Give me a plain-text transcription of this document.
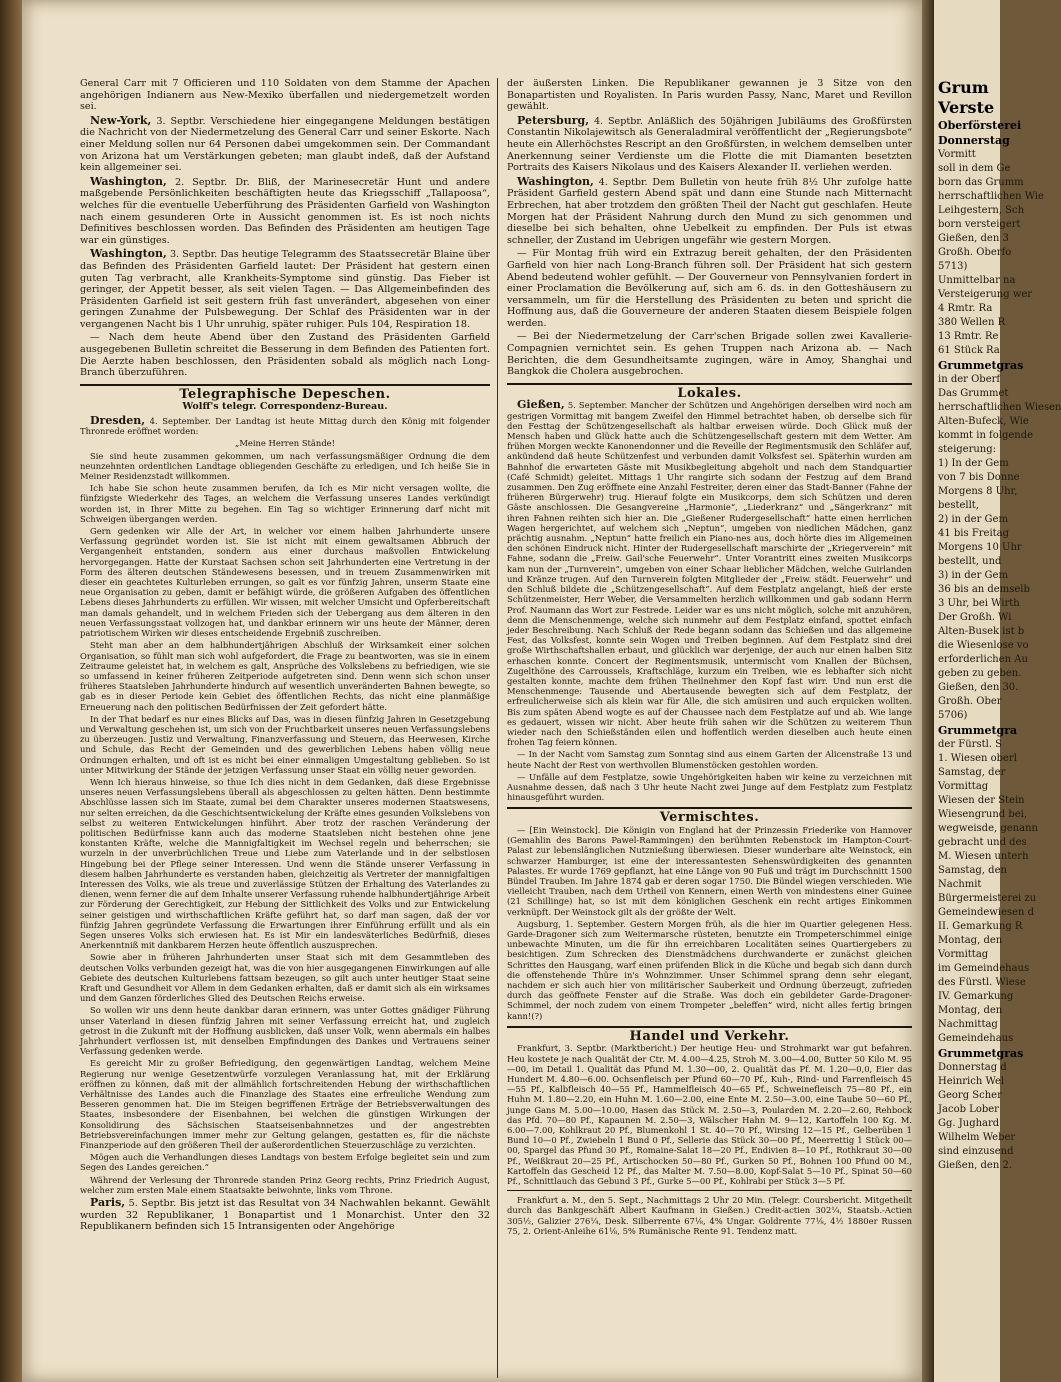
General Carr mit 7 Officieren und 110 Soldaten von dem Stamme der Apachen angehörigen Indianern aus New-Mexiko überfallen und niedergemetzelt worden sei.

New-York, 3. Septbr. Verschiedene hier eingegangene Meldungen bestätigen die Nachricht von der Niedermetzelung des General Carr und seiner Eskorte. Nach einer Meldung sollen nur 64 Personen dabei umgekommen sein. Der Commandant von Arizona hat um Verstärkungen gebeten; man glaubt indeß, daß der Aufstand kein allgemeiner sei.

Washington, 2. Septbr. Dr. Bliß, der Marinesecretär Hunt und andere maßgebende Persönlichkeiten beschäftigten heute das Kriegsschiff „Tallapoosa“, welches für die eventuelle Ueberführung des Präsidenten Garfield von Washington nach einem gesunderen Orte in Aussicht genommen ist. Es ist noch nichts Definitives beschlossen worden. Das Befinden des Präsidenten am heutigen Tage war ein günstiges.

Washington, 3. Septbr. Das heutige Telegramm des Staatssecretär Blaine über das Befinden des Präsidenten Garfield lautet: Der Präsident hat gestern einen guten Tag verbracht, alle Krankheits-Symptome sind günstig. Das Fieber ist geringer, der Appetit besser, als seit vielen Tagen. — Das Allgemeinbefinden des Präsidenten Garfield ist seit gestern früh fast unverändert, abgesehen von einer geringen Zunahme der Pulsbewegung. Der Schlaf des Präsidenten war in der vergangenen Nacht bis 1 Uhr unruhig, später ruhiger. Puls 104, Respiration 18.

— Nach dem heute Abend über den Zustand des Präsidenten Garfield ausgegebenen Bulletin schreitet die Besserung in dem Befinden des Patienten fort. Die Aerzte haben beschlossen, den Präsidenten sobald als möglich nach Long-Branch überzuführen.

Telegraphische Depeschen.
Wolff's telegr. Correspondenz-Bureau.

Dresden, 4. September. Der Landtag ist heute Mittag durch den König mit folgender Thronrede eröffnet worden:

„Meine Herren Stände!

Sie sind heute zusammen gekommen, um nach verfassungsmäßiger Ordnung die dem neunzehnten ordentlichen Landtage obliegenden Geschäfte zu erledigen, und Ich heiße Sie in Meiner Residenzstadt willkommen.

Ich habe Sie schon heute zusammen berufen, da Ich es Mir nicht versagen wollte, die fünfzigste Wiederkehr des Tages, an welchem die Verfassung unseres Landes verkündigt worden ist, in Ihrer Mitte zu begehen. Ein Tag so wichtiger Erinnerung darf nicht mit Schweigen übergangen werden.

Gern gedenken wir Alle der Art, in welcher vor einem halben Jahrhunderte unsere Verfassung gegründet worden ist. Sie ist nicht mit einem gewaltsamen Abbruch der Vergangenheit entstanden, sondern aus einer durchaus maßvollen Entwickelung hervorgegangen. Hatte der Kurstaat Sachsen schon seit Jahrhunderten eine Vertretung in der Form des älteren deutschen Ständewesens besessen, und in treuem Zusammenwirken mit dieser ein geachtetes Kulturleben errungen, so galt es vor fünfzig Jahren, unserm Staate eine neue Organisation zu geben, damit er befähigt würde, die größeren Aufgaben des öffentlichen Lebens dieses Jahrhunderts zu erfüllen. Wir wissen, mit welcher Umsicht und Opferbereitschaft man damals gehandelt, und in welchem Frieden sich der Uebergang aus dem älteren in den neuen Verfassungsstaat vollzogen hat, und dankbar erinnern wir uns heute der Männer, deren patriotischem Wirken wir dieses entscheidende Ergebniß zuschreiben.

Steht man aber an dem halbhundertjährigen Abschluß der Wirksamkeit einer solchen Organisation, so fühlt man sich wohl aufgefordert, die Frage zu beantworten, was sie in einem Zeitraume geleistet hat, in welchem es galt, Ansprüche des Volkslebens zu befriedigen, wie sie so umfassend in keiner früheren Zeitperiode aufgetreten sind. Denn wenn sich schon unser früheres Staatsleben Jahrhunderte hindurch auf wesentlich unveränderten Bahnen bewegte, so gab es in dieser Periode kein Gebiet des öffentlichen Rechts, das nicht eine planmäßige Erneuerung nach den politischen Bedürfnissen der Zeit gefordert hätte.

In der That bedarf es nur eines Blicks auf Das, was in diesen fünfzig Jahren in Gesetzgebung und Verwaltung geschehen ist, um sich von der Fruchtbarkeit unseres neuen Verfassungslebens zu überzeugen. Justiz und Verwaltung, Finanzverfassung und Steuern, das Heerwesen, Kirche und Schule, das Recht der Gemeinden und des gewerblichen Lebens haben völlig neue Ordnungen erhalten, und oft ist es nicht bei einer einmaligen Umgestaltung geblieben. So ist unter Mitwirkung der Stände der jetzigen Verfassung unser Staat ein völlig neuer geworden.

Wenn Ich hieraus hinweise, so thue Ich dies nicht in dem Gedanken, daß diese Ergebnisse unseres neuen Verfassungslebens überall als abgeschlossen zu gelten hätten. Denn bestimmte Abschlüsse lassen sich im Staate, zumal bei dem Charakter unseres modernen Staatswesens, nur selten erreichen, da die Geschichtsentwickelung der Kräfte eines gesunden Volkslebens von selbst zu weiteren Entwickelungen hinführt. Aber trotz der raschen Veränderung der politischen Bedürfnisse kann auch das moderne Staatsleben nicht bestehen ohne jene konstanten Kräfte, welche die Mannigfaltigkeit im Wechsel regeln und beherrschen; sie wurzeln in der unverbrüchlichen Treue und Liebe zum Vaterlande und in der selbstlosen Hingebung bei der Pflege seiner Interessen. Und wenn die Stände unserer Verfassung in diesem halben Jahrhunderte es verstanden haben, gleichzeitig als Vertreter der mannigfaltigen Interessen des Volks, wie als treue und zuverlässige Stützen der Erhaltung des Vaterlandes zu dienen, wenn ferner die auf dem Inhalte unserer Verfassung ruhende halbhundertjährige Arbeit zur Förderung der Gerechtigkeit, zur Hebung der Sittlichkeit des Volks und zur Entwickelung seiner geistigen und wirthschaftlichen Kräfte geführt hat, so darf man sagen, daß der vor fünfzig Jahren gegründete Verfassung die Erwartungen ihrer Einführung erfüllt und als ein Segen unseres Volks sich erwiesen hat. Es ist Mir ein landesväterliches Bedürfniß, dieses Anerkenntniß mit dankbarem Herzen heute öffentlich auszusprechen.

Sowie aber in früheren Jahrhunderten unser Staat sich mit dem Gesammtleben des deutschen Volks verbunden gezeigt hat, was die von hier ausgegangenen Einwirkungen auf alle Gebiete des deutschen Kulturlebens fattsam bezeugen, so gilt auch unter heutiger Staat seine Kraft und Gesundheit vor Allem in dem Gedanken erhalten, daß er damit sich als ein wirksames und dem Ganzen förderliches Glied des Deutschen Reichs erweise.

So wollen wir uns denn heute dankbar daran erinnern, was unter Gottes gnädiger Führung unser Vaterland in diesen fünfzig Jahren mit seiner Verfassung erreicht hat, und zugleich getrost in die Zukunft mit der Hoffnung ausblicken, daß unser Volk, wenn abermals ein halbes Jahrhundert verflossen ist, mit denselben Empfindungen des Dankes und Vertrauens seiner Verfassung gedenken werde.

Es gereicht Mir zu großer Befriedigung, den gegenwärtigen Landtag, welchem Meine Regierung nur wenige Gesetzentwürfe vorzulegen Veranlassung hat, mit der Erklärung eröffnen zu können, daß mit der allmählich fortschreitenden Hebung der wirthschaftlichen Verhältnisse des Landes auch die Finanzlage des Staates eine erfreuliche Wendung zum Besseren genommen hat. Die im Steigen begriffenen Erträge der Betriebsverwaltungen des Staates, insbesondere der Eisenbahnen, bei welchen die günstigen Wirkungen der Konsolidirung des Sächsischen Staatseisenbahnnetzes und der angestrebten Betriebsvereinfachungen immer mehr zur Geltung gelangen, gestatten es, für die nächste Finanzperiode auf den größeren Theil der außerordentlichen Steuerzuschläge zu verzichten.

Mögen auch die Verhandlungen dieses Landtags von bestem Erfolge begleitet sein und zum Segen des Landes gereichen.“

Während der Verlesung der Thronrede standen Prinz Georg rechts, Prinz Friedrich August, welcher zum ersten Male einem Staatsakte beiwohnte, links vom Throne.

Paris, 5. Septbr. Bis jetzt ist das Resultat von 34 Nachwahlen bekannt. Gewählt wurden 32 Republikaner, 1 Bonapartist und 1 Monarchist. Unter den 32 Republikanern befinden sich 15 Intransigenten oder Angehörige

der äußersten Linken. Die Republikaner gewannen je 3 Sitze von den Bonapartisten und Royalisten. In Paris wurden Passy, Nanc, Maret und Revillon gewählt.

Petersburg, 4. Septbr. Anläßlich des 50jährigen Jubiläums des Großfürsten Constantin Nikolajewitsch als Generaladmiral veröffentlicht der „Regierungsbote“ heute ein Allerhöchstes Rescript an den Großfürsten, in welchem demselben unter Anerkennung seiner Verdienste um die Flotte die mit Diamanten besetzten Portraits des Kaisers Nikolaus und des Kaisers Alexander II. verliehen werden.

Washington, 4. Septbr. Dem Bulletin von heute früh 8½ Uhr zufolge hatte Präsident Garfield gestern Abend spät und dann eine Stunde nach Mitternacht Erbrechen, hat aber trotzdem den größten Theil der Nacht gut geschlafen. Heute Morgen hat der Präsident Nahrung durch den Mund zu sich genommen und dieselbe bei sich behalten, ohne Uebelkeit zu empfinden. Der Puls ist etwas schneller, der Zustand im Uebrigen ungefähr wie gestern Morgen.

— Für Montag früh wird ein Extrazug bereit gehalten, der den Präsidenten Garfield von hier nach Long-Branch führen soll. Der Präsident hat sich gestern Abend bedeutend wohler gefühlt. — Der Gouverneur von Pennsylvanien fordert in einer Proclamation die Bevölkerung auf, sich am 6. ds. in den Gotteshäusern zu versammeln, um für die Herstellung des Präsidenten zu beten und spricht die Hoffnung aus, daß die Gouverneure der anderen Staaten diesem Beispiele folgen werden.

— Bei der Niedermetzelung der Carr'schen Brigade sollen zwei Kavallerie-Compagnien vernichtet sein. Es gehen Truppen nach Arizona ab. — Nach Berichten, die dem Gesundheitsamte zugingen, wäre in Amoy, Shanghai und Bangkok die Cholera ausgebrochen.

Lokales.

Gießen, 5. September. Mancher der Schützen und Angehörigen derselben wird noch am gestrigen Vormittag mit bangem Zweifel den Himmel betrachtet haben, ob derselbe sich für den Festtag der Schützengesellschaft als haltbar erweisen würde. Doch Glück muß der Mensch haben und Glück hatte auch die Schützengesellschaft gestern mit dem Wetter. Am frühen Morgen weckte Kanonendonner und die Reveille der Regimentsmusik den Schläfer auf, ankündend daß heute Schützenfest und verbunden damit Volksfest sei. Späterhin wurden am Bahnhof die erwarteten Gäste mit Musikbegleitung abgeholt und nach dem Standquartier (Café Schmidt) geleitet. Mittags 1 Uhr rangirte sich sodann der Festzug auf dem Brand zusammen. Den Zug eröffnete eine Anzahl Festreiter, deren einer das Stadt-Banner (Fahne der früheren Bürgerwehr) trug. Hierauf folgte ein Musikcorps, dem sich Schützen und deren Gäste anschlossen. Die Gesangvereine „Harmonie“, „Liederkranz“ und „Sängerkranz“ mit ihren Fahnen reihten sich hier an. Die „Gießener Rudergesellschaft“ hatte einen herrlichen Wagen hergerichtet, auf welchem sich „Neptun“, umgeben von niedlichen Mädchen, ganz prächtig ausnahm. „Neptun“ hatte freilich ein Piano-nes aus, doch hörte dies im Allgemeinen den schönen Eindruck nicht. Hinter der Rudergesellschaft marschirte der „Kriegerverein“ mit Fahne, sodann die „Freiw. Gail'sche Feuerwehr“. Unter Vorantritt eines zweiten Musikcorps kam nun der „Turnverein“, umgeben von einer Schaar lieblicher Mädchen, welche Guirlanden und Kränze trugen. Auf den Turnverein folgten Mitglieder der „Freiw. städt. Feuerwehr“ und den Schluß bildete die „Schützengesellschaft“. Auf dem Festplatz angelangt, hieß der erste Schützenmeister, Herr Weber, die Versammelten herzlich willkommen und gab sodann Herrn Prof. Naumann das Wort zur Festrede. Leider war es uns nicht möglich, solche mit anzuhören, denn die Menschenmenge, welche sich nunmehr auf dem Festplatz einfand, spottet einfach jeder Beschreibung. Nach Schluß der Rede begann sodann das Schießen und das allgemeine Fest, das Volksfest, konnte sein Wogen und Treiben beginnen. Auf dem Festplatz sind drei große Wirthschaftshallen erbaut, und glücklich war derjenige, der auch nur einen halben Sitz erhaschen konnte. Concert der Regimentsmusik, untermischt vom Knallen der Büchsen, Zugelthöne des Carroussels, Kraftschläge, kurzum ein Treiben, wie es lebhafter sich nicht gestalten konnte, machte dem frühen Theilnehmer den Kopf fast wirr. Und nun erst die Menschenmenge: Tausende und Abertausende bewegten sich auf dem Festplatz, der erfreulicherweise sich als klein war für Alle, die sich amüsiren und auch erquicken wollten. Bis zum späten Abend wogte es auf der Chaussee nach dem Festplatze auf und ab. Wie lange es gedauert, wissen wir nicht. Aber heute früh sahen wir die Schützen zu weiterem Thun wieder nach den Schießständen eilen und hoffentlich werden dieselben auch heute einen frohen Tag feiern können.

— In der Nacht vom Samstag zum Sonntag sind aus einem Garten der Alicenstraße 13 und heute Nacht der Rest von werthvollen Blumenstöcken gestohlen worden.

— Unfälle auf dem Festplatze, sowie Ungehörigkeiten haben wir keine zu verzeichnen mit Ausnahme dessen, daß nach 3 Uhr heute Nacht zwei Junge auf dem Festplatz zum Festplatz hinausgeführt wurden.

Vermischtes.

— [Ein Weinstock]. Die Königin von England hat der Prinzessin Friederike von Hannover (Gemahlin des Barons Pawel-Rammingen) den berühmten Rebenstock im Hampton-Court-Palast zur lebenslänglichen Nutznießung überwiesen. Dieser wunderbare alte Weinstock, ein schwarzer Hamburger, ist eine der interessantesten Sehenswürdigkeiten des genannten Palastes. Er wurde 1769 gepflanzt, hat eine Länge von 90 Fuß und trägt im Durchschnitt 1500 Bündel Trauben. Im Jahre 1874 gab er deren sogar 1750. Die Bündel wiegen verschieden. Wie vielleicht Trauben, nach dem Urtheil von Kennern, einen Werth von mindestens einer Guinee (21 Schillinge) hat, so ist mit dem königlichen Geschenk ein recht artiges Einkommen verknüpft. Der Weinstock gilt als der größte der Welt.

Augsburg, 1. September. Gestern Morgen früh, als die hier im Quartier gelegenen Hess. Garde-Dragoner sich zum Weitermarsche rüsteten, benutzte ein Trompeterschimmel einige unbewachte Minuten, um die für ihn erreichbaren Localitäten seines Quartiergebers zu besichtigen. Zum Schrecken des Dienstmädchens durchwanderte er zunächst gleichen Schrittes den Hausgang, warf einen prüfenden Blick in die Küche und begab sich dann durch die offenstehende Thüre in's Wohnzimmer. Unser Schimmel sprang denn sehr elegant, nachdem er sich auch hier von militärischer Sauberkeit und Ordnung überzeugt, zufrieden durch das geöffnete Fenster auf die Straße. Was doch ein gebildeter Garde-Dragoner-Schimmel, der noch zudem von einem Trompeter „beleffen“ wird, nicht alles fertig bringen kann!(?)

Handel und Verkehr.

Frankfurt, 3. Septbr. (Marktbericht.) Der heutige Heu- und Strohmarkt war gut befahren. Heu kostete je nach Qualität der Ctr. M. 4.00—4.25, Stroh M. 3.00—4.00, Butter 50 Kilo M. 95—00, im Detail 1. Qualität das Pfund M. 1.30—00, 2. Qualität das Pf. M. 1.20—0,0, Eier das Hundert M. 4.80—6.00. Ochsenfleisch per Pfund 60—70 Pf., Kuh-, Rind- und Farrenfleisch 45—55 Pf., Kalbfleisch 40—55 Pf., Hammelfleisch 40—65 Pf., Schweinefleisch 75—80 Pf., ein Huhn M. 1.80—2.20, ein Huhn M. 1.60—2.00, eine Ente M. 2.50—3.00, eine Taube 50—60 Pf., junge Gans M. 5.00—10.00, Hasen das Stück M. 2.50—3, Poularden M. 2.20—2.60, Rehbock das Pfd. 70—80 Pf., Kapaunen M. 2.50—3, Wälscher Hahn M. 9—12, Kartoffeln 100 Kg. M. 6.00—7.00, Kohlkraut 20 Pf., Blumenkohl 1 St. 40—70 Pf., Wirsing 12—15 Pf., Gelberüben 1 Bund 10—0 Pf., Zwiebeln 1 Bund 0 Pf., Sellerie das Stück 30—00 Pf., Meerrettig 1 Stück 00—00, Spargel das Pfund 30 Pf., Romaine-Salat 18—20 Pf., Endivien 8—10 Pf., Rothkraut 30—00 Pf., Weißkraut 20—25 Pf., Artischocken 50—80 Pf., Gurken 50 Pf., Bohnen 100 Pfund 00 M., Kartoffeln das Gescheid 12 Pf., das Malter M. 7.50—8.00, Kopf-Salat 5—10 Pf., Spinat 50—60 Pf., Schnittlauch das Gebund 3 Pf., Gurke 5—00 Pf., Kohlrabi per Stück 3—5 Pf.

Frankfurt a. M., den 5. Sept., Nachmittags 2 Uhr 20 Min. (Telegr. Coursbericht. Mitgetheilt durch das Bankgeschäft Albert Kaufmann in Gießen.) Credit-actien 302¼, Staatsb.-Actien 305½, Galizier 276¼, Desk. Silberrente 67⅛, 4% Ungar. Goldrente 77⅛, 4½ 1880er Russen 75, 2. Orient-Anleihe 61⅛, 5% Rumänische Rente 91. Tendenz matt.

Grum
Verste
Oberförsterei
Donnerstag
Vormitt
soll in dem Ge
born das Grumm
herrschaftlichen Wie
Leihgestern, Sch
born versteigert
Gießen, den 3
Großh. Oberfo
5713)
Unmittelbar na
Versteigerung wer
4 Rmtr. Ra
380 Wellen R
13 Rmtr. Re
61 Stück Ra
Grummetgras
in der Oberf
Das Grummet
herrschaftlichen Wiesen
Alten-Bufeck, Wie
kommt in folgende
steigerung:
1) In der Gem
von 7 bis Donne
Morgens 8 Uhr,
bestellt,
2) in der Gem
41 bis Freitag
Morgens 10 Uhr
bestellt, und
3) in der Gem
36 bis an demselb
3 Uhr, bei Wirth
Der Großh. Wi
Alten-Busek ist b
die Wiesenlose vo
erforderlichen Au
geben zu geben.
Gießen, den 30.
Großh. Ober
5706)
Grummetgra
der Fürstl. S
1. Wiesen oberl
Samstag, der
Vormittag
Wiesen der Stein
Wiesengrund bei,
wegweisde, genann
gebracht und des
M. Wiesen unterh
Samstag, den
Nachmit
Bürgermeisterei zu
Gemeindewiesen d
II. Gemarkung R
Montag, den
Vormittag
im Gemeindehaus
des Fürstl. Wiese
IV. Gemarkung
Montag, den
Nachmittag
Gemeindehaus
Grummetgras
Donnerstag d
Heinrich Wel
Georg Scher
Jacob Lober
Gg. Jughard
Wilhelm Weber
sind einzusend
Gießen, den 2.
